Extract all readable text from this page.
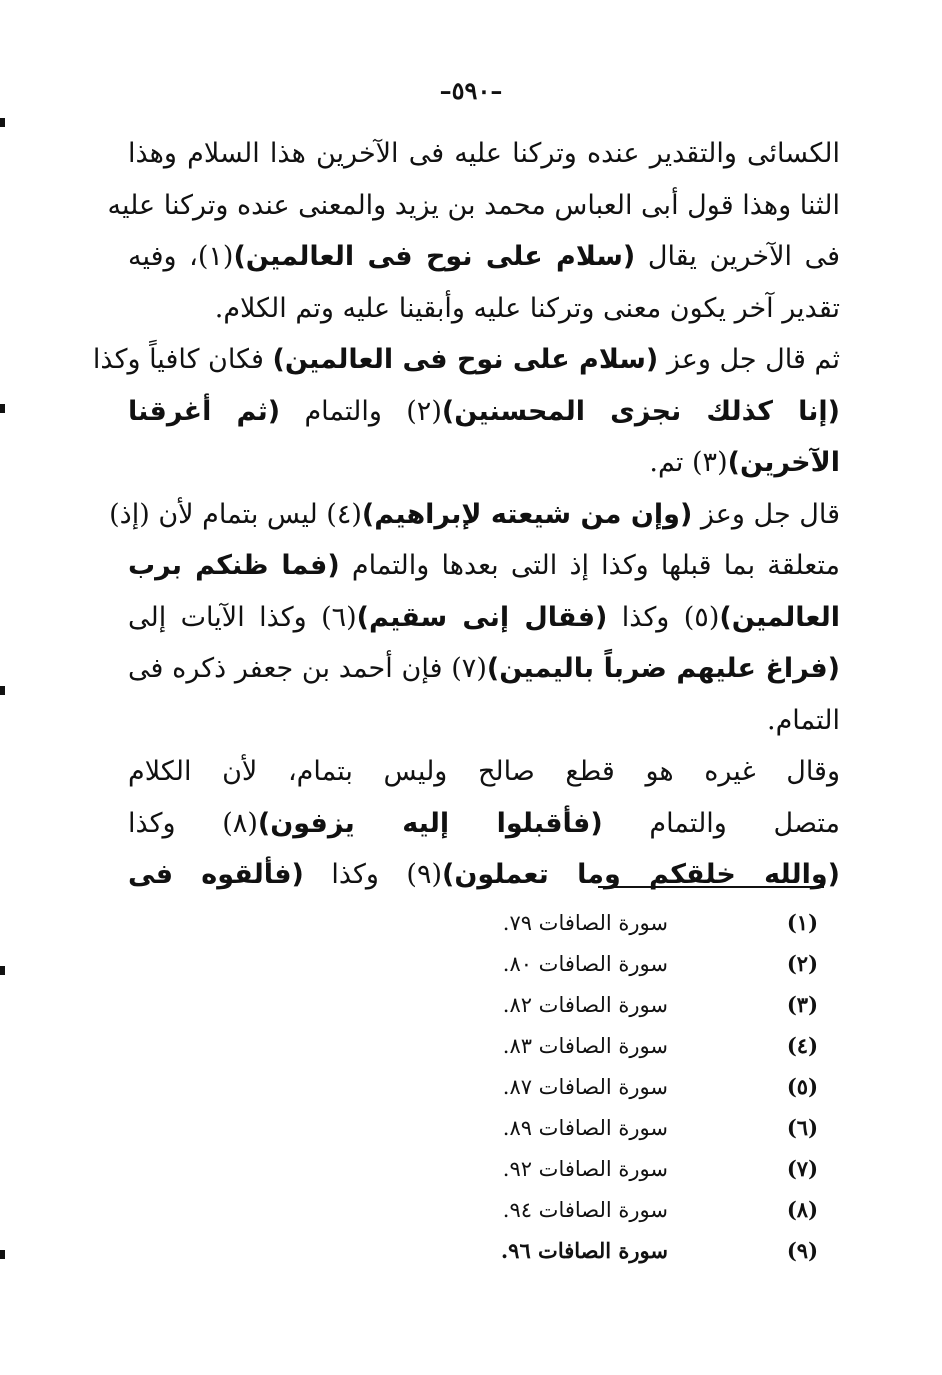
–٥٩٠–
الكسائى والتقدير عنده وتركنا عليه فى الآخرين هذا السلام وهذا
الثنا وهذا قول أبى العباس محمد بن يزيد والمعنى عنده وتركنا عليه
فى الآخرين يقال (سلام على نوح فى العالمين)(١)، وفيه
تقدير آخر يكون معنى وتركنا عليه وأبقينا عليه وتم الكلام.
ثم قال جل وعز (سلام على نوح فى العالمين) فكان كافياً وكذا
(إنا كذلك نجزى المحسنين)(٢) والتمام (ثم أغرقنا
الآخرين)(٣) تم.
قال جل وعز (وإن من شيعته لإبراهيم)(٤) ليس بتمام لأن (إذ)
متعلقة بما قبلها وكذا إذ التى بعدها والتمام (فما ظنكم برب
العالمين)(٥) وكذا (فقال إنى سقيم)(٦) وكذا الآيات إلى
(فراغ عليهم ضرباً باليمين)(٧) فإن أحمد بن جعفر ذكره فى
التمام.
وقال غيره هو قطع صالح وليس بتمام، لأن الكلام
متصل والتمام (فأقبلوا إليه يزفون)(٨) وكذا
(والله خلقكم وما تعملون)(٩) وكذا (فألقوه فى
(١)
سورة الصافات ٧٩.
(٢)
سورة الصافات ٨٠.
(٣)
سورة الصافات ٨٢.
(٤)
سورة الصافات ٨٣.
(٥)
سورة الصافات ٨٧.
(٦)
سورة الصافات ٨٩.
(٧)
سورة الصافات ٩٢.
(٨)
سورة الصافات ٩٤.
(٩)
سورة الصافات ٩٦.
